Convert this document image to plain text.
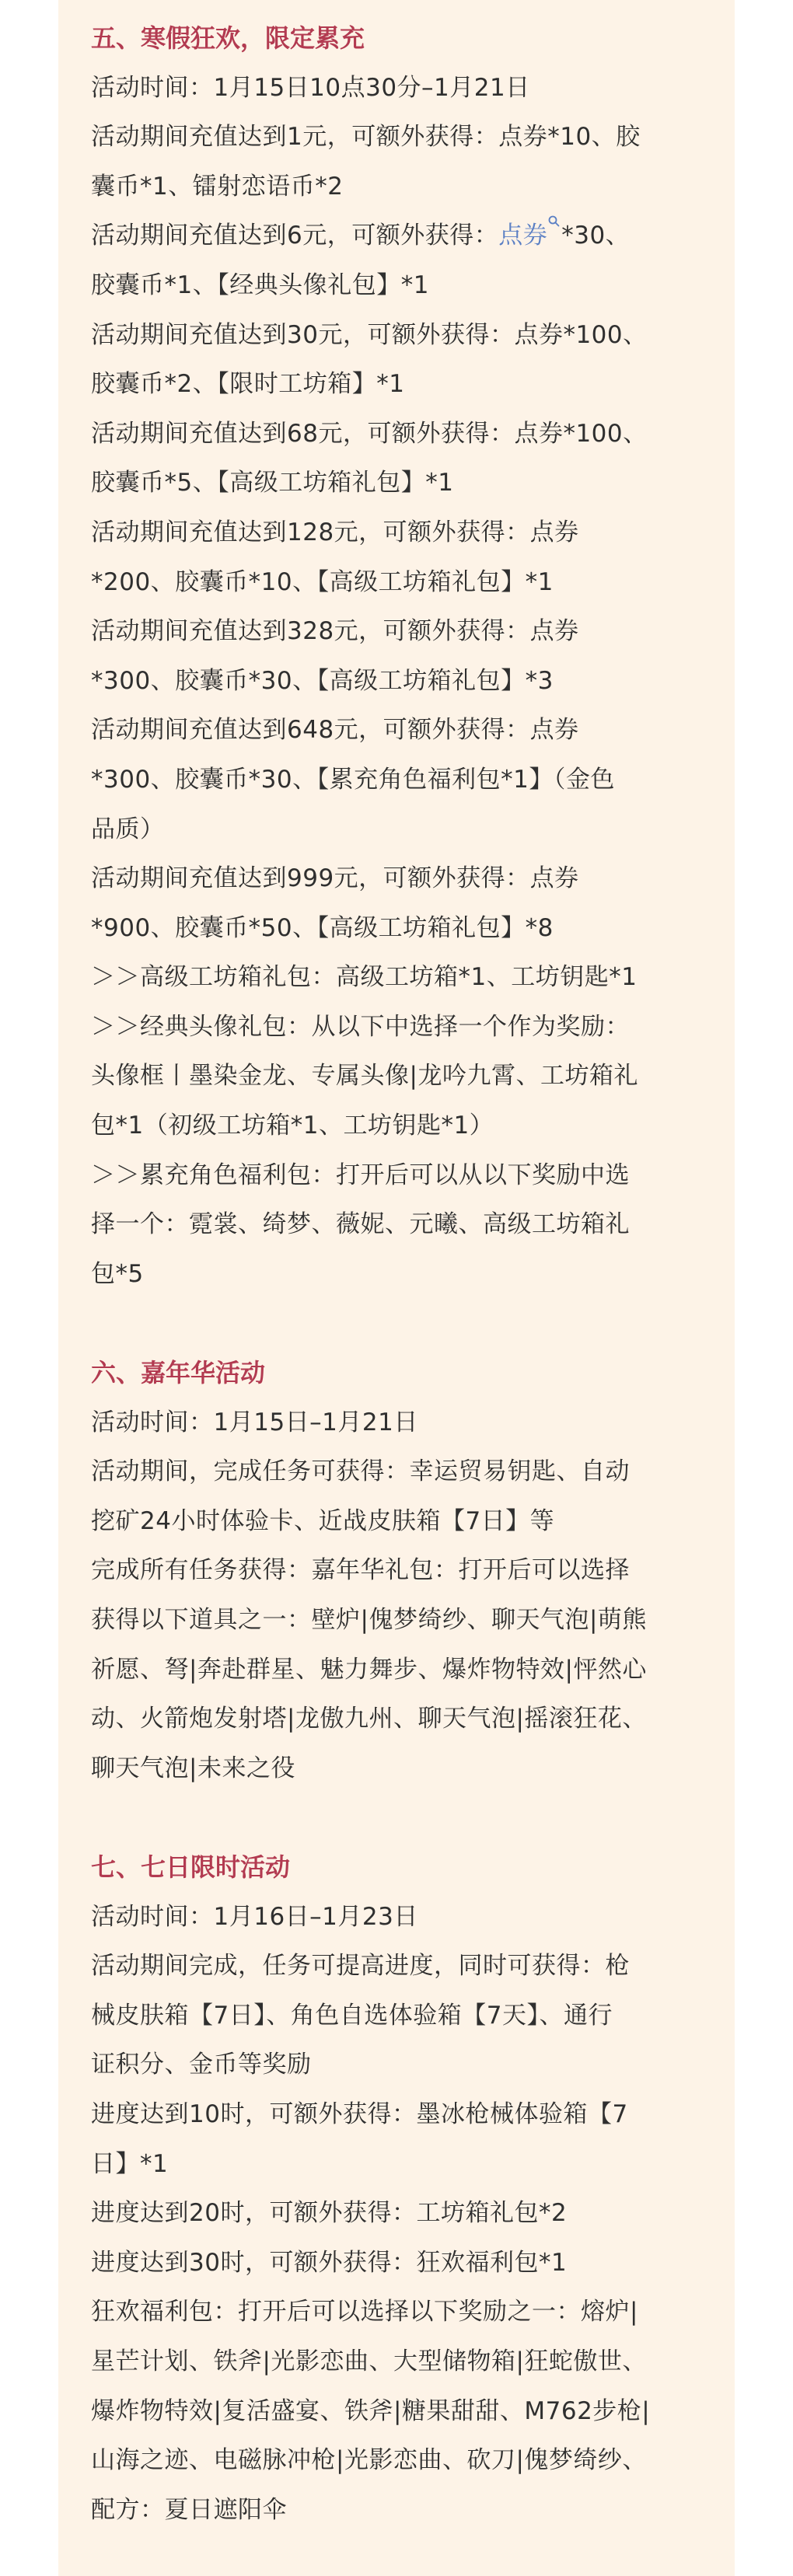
五、寒假狂欢，限定累充
活动时间：1月15日10点30分–1月21日
活动期间充值达到1元，可额外获得：点券*10、胶
囊币*1、镭射恋语币*2
活动期间充值达到6元，可额外获得：点券 *30、
胶囊币*1、【经典头像礼包】*1
活动期间充值达到30元，可额外获得：点券*100、
胶囊币*2、【限时工坊箱】*1
活动期间充值达到68元，可额外获得：点券*100、
胶囊币*5、【高级工坊箱礼包】*1
活动期间充值达到128元，可额外获得：点券
*200、胶囊币*10、【高级工坊箱礼包】*1
活动期间充值达到328元，可额外获得：点券
*300、胶囊币*30、【高级工坊箱礼包】*3
活动期间充值达到648元，可额外获得：点券
*300、胶囊币*30、【累充角色福利包*1】（金色
品质）
活动期间充值达到999元，可额外获得：点券
*900、胶囊币*50、【高级工坊箱礼包】*8
＞＞高级工坊箱礼包：高级工坊箱*1、工坊钥匙*1
＞＞经典头像礼包：从以下中选择一个作为奖励：
头像框丨墨染金龙、专属头像|龙吟九霄、工坊箱礼
包*1（初级工坊箱*1、工坊钥匙*1）
＞＞累充角色福利包：打开后可以从以下奖励中选
择一个：霓裳、绮梦、薇妮、元曦、高级工坊箱礼
包*5
六、嘉年华活动
活动时间：1月15日–1月21日
活动期间，完成任务可获得：幸运贸易钥匙、自动
挖矿24小时体验卡、近战皮肤箱【7日】等
完成所有任务获得：嘉年华礼包：打开后可以选择
获得以下道具之一：壁炉|傀梦绮纱、聊天气泡|萌熊
祈愿、弩|奔赴群星、魅力舞步、爆炸物特效|怦然心
动、火箭炮发射塔|龙傲九州、聊天气泡|摇滚狂花、
聊天气泡|未来之役
七、七日限时活动
活动时间：1月16日–1月23日
活动期间完成，任务可提高进度，同时可获得：枪
械皮肤箱【7日】、角色自选体验箱【7天】、通行
证积分、金币等奖励
进度达到10时，可额外获得：墨冰枪械体验箱【7
日】*1
进度达到20时，可额外获得：工坊箱礼包*2
进度达到30时，可额外获得：狂欢福利包*1
狂欢福利包：打开后可以选择以下奖励之一：熔炉|
星芒计划、铁斧|光影恋曲、大型储物箱|狂蛇傲世、
爆炸物特效|复活盛宴、铁斧|糖果甜甜、M762步枪|
山海之迹、电磁脉冲枪|光影恋曲、砍刀|傀梦绮纱、
配方：夏日遮阳伞
